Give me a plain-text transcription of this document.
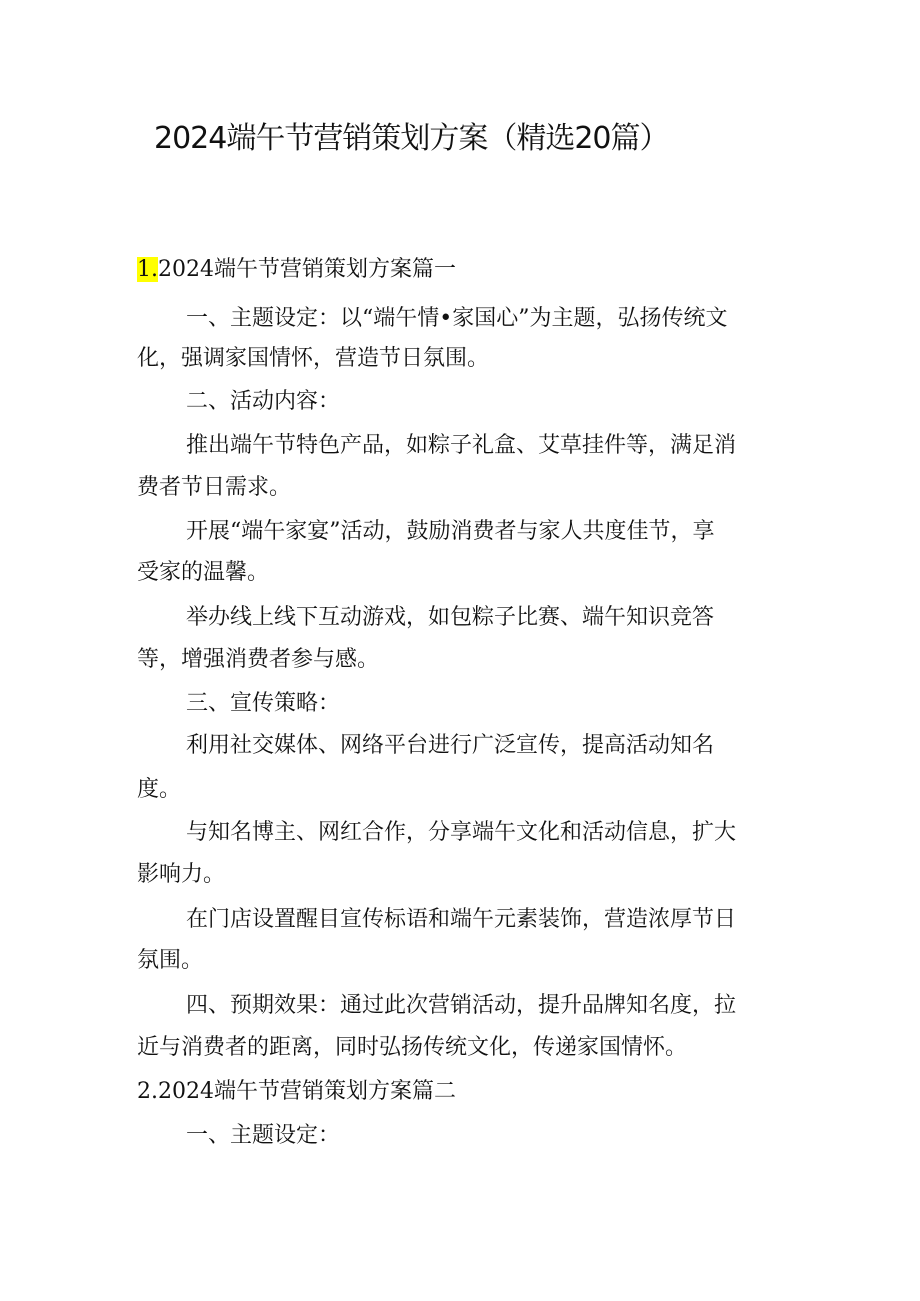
2024端午节营销策划方案（精选20篇）
1.2024端午节营销策划方案篇一
一、主题设定：以“端午情•家国心”为主题，弘扬传统文
化，强调家国情怀，营造节日氛围。
二、活动内容：
推出端午节特色产品，如粽子礼盒、艾草挂件等，满足消
费者节日需求。
开展“端午家宴”活动，鼓励消费者与家人共度佳节，享
受家的温馨。
举办线上线下互动游戏，如包粽子比赛、端午知识竞答
等，增强消费者参与感。
三、宣传策略：
利用社交媒体、网络平台进行广泛宣传，提高活动知名
度。
与知名博主、网红合作，分享端午文化和活动信息，扩大
影响力。
在门店设置醒目宣传标语和端午元素装饰，营造浓厚节日
氛围。
四、预期效果：通过此次营销活动，提升品牌知名度，拉
近与消费者的距离，同时弘扬传统文化，传递家国情怀。
2.2024端午节营销策划方案篇二
一、主题设定：
